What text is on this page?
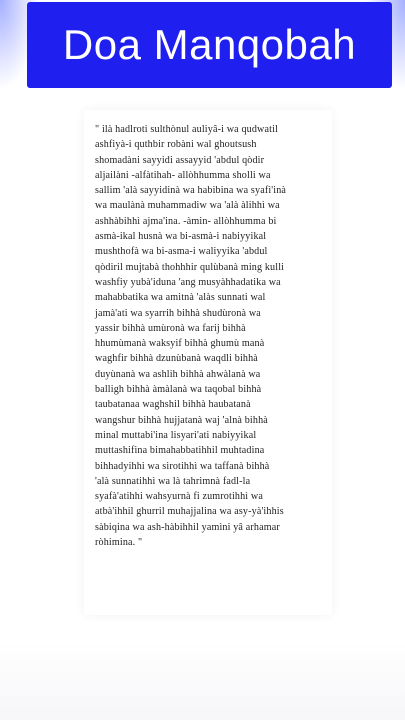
Doa Manqobah

" ilà hadlroti sulthònul auliyâ-i wa qudwatil
ashfiyà-i quthbir robàni wal ghoutsush
shomadàni sayyidi assayyid 'abdul qòdir
aljailàni -alfàtihah- allòhhumma sholli wa
sallim 'alà sayyidinà wa habìbina wa syafì'inà
wa maulànà muhammadiw wa 'alà àlihhì wa
ashhàbihhì ajma'ina. -àmin- allòhhumma bi
asmà-ikal husnà wa bi-asmà-i nabiyyikal
mushthofà wa bi-asma-i waliyyika 'abdul
qòdiril mujtabà thohhhir qulùbanà ming kulli
washfiy yubà'iduna 'ang musyàhhadatika wa
mahabbatika wa amitnà 'alàs sunnati wal
jamà'ati wa syarrih bihhà shudùronà wa
yassir bihhà umùronà wa farij bihhà
hhumùmanà waksyif bihhà ghumù manà
waghfir bihhà dzunùbanà waqdli bihhà
duyùnanà wa ashlih bihhà ahwàlanà wa
balligh bihhà àmàlanà wa taqobal bihhà
taubatanaa waghshil bihhà haubatanà
wangshur bihhà hujjatanà waj 'alnà bihhà
minal muttabi'ina lisyari'ati nabiyyikal
muttashifina bimahabbatihhil muhtadina
bihhadyihhi wa sirotihhì wa taffanà bihhà
'alà sunnatihhì wa là tahrimnà fadl-la
syafà'atihhi wahsyurnà fi zumrotihhì wa
atbà'ihhil ghurril muhajjalina wa asy-yà'ihhis
sàbiqina wa ash-hàbihhil yamìni yâ arhamar
ròhimina. "
